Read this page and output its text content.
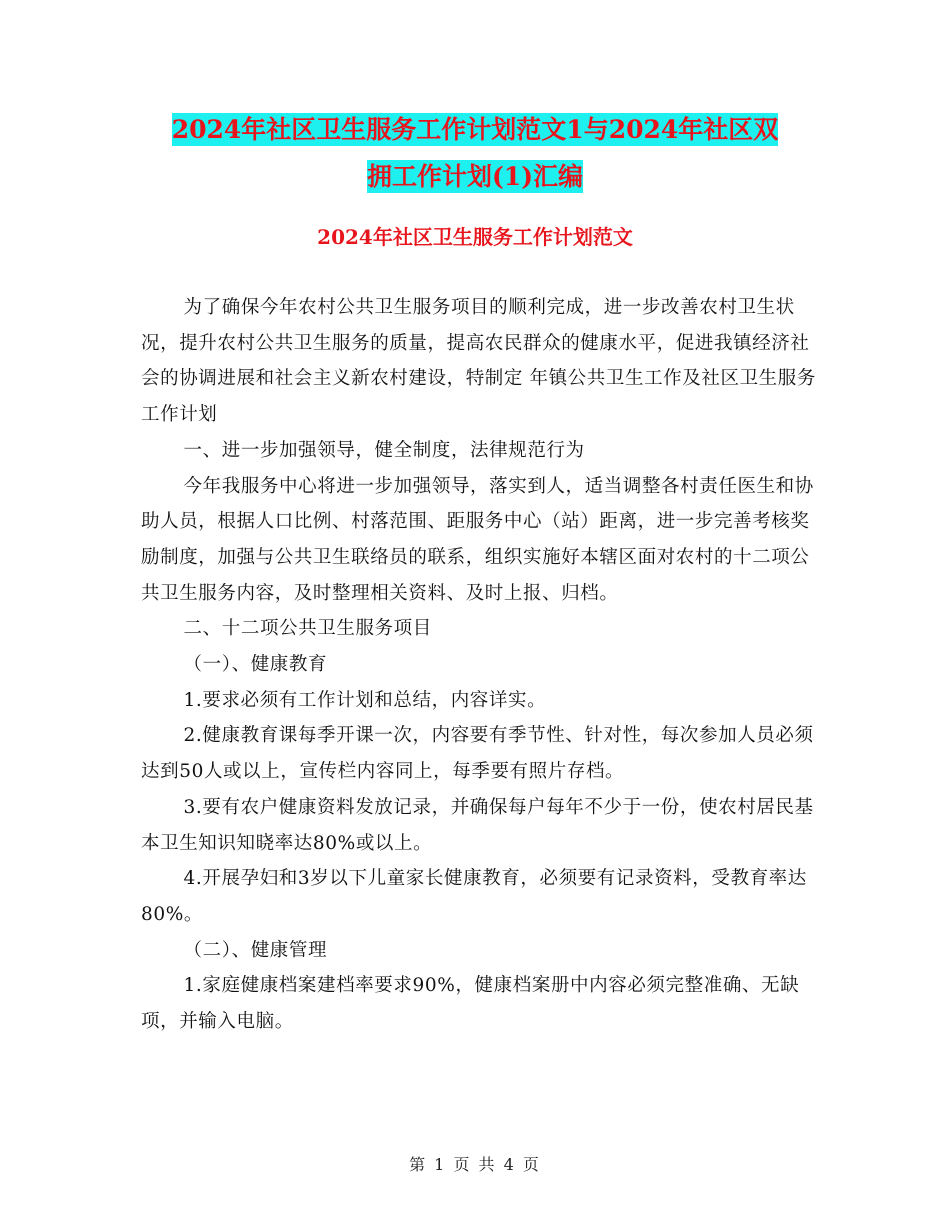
2024年社区卫生服务工作计划范文1与2024年社区双
拥工作计划(1)汇编
2024年社区卫生服务工作计划范文

为了确保今年农村公共卫生服务项目的顺利完成，进一步改善农村卫生状况，提升农村公共卫生服务的质量，提高农民群众的健康水平，促进我镇经济社会的协调进展和社会主义新农村建设，特制定 年镇公共卫生工作及社区卫生服务工作计划

一、进一步加强领导，健全制度，法律规范行为

今年我服务中心将进一步加强领导，落实到人，适当调整各村责任医生和协助人员，根据人口比例、村落范围、距服务中心（站）距离，进一步完善考核奖励制度，加强与公共卫生联络员的联系，组织实施好本辖区面对农村的十二项公共卫生服务内容，及时整理相关资料、及时上报、归档。

二、十二项公共卫生服务项目

（一）、健康教育

1.要求必须有工作计划和总结，内容详实。

2.健康教育课每季开课一次，内容要有季节性、针对性，每次参加人员必须达到50人或以上，宣传栏内容同上，每季要有照片存档。

3.要有农户健康资料发放记录，并确保每户每年不少于一份，使农村居民基本卫生知识知晓率达80%或以上。

4.开展孕妇和3岁以下儿童家长健康教育，必须要有记录资料，受教育率达80%。

（二）、健康管理

1.家庭健康档案建档率要求90%，健康档案册中内容必须完整准确、无缺项，并输入电脑。

第 1 页 共 4 页
